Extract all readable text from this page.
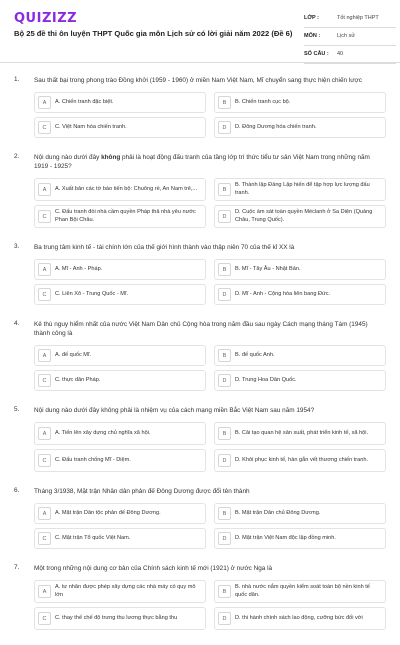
QUIZIZZ
Bộ 25 đề thi ôn luyện THPT Quốc gia môn Lịch sử có lời giải năm 2022 (Đề 6)
LỚP :	Tốt nghiệp THPT
MÔN :	Lịch sử
SỐ CÂU : 40
1. Sau thất bại trong phong trào Đồng khởi (1959 - 1960) ở miền Nam Việt Nam, Mĩ chuyển sang thực hiện chiến lược
A	A. Chiến tranh đặc biệt.	B	B. Chiến tranh cục bộ.
C	C. Việt Nam hóa chiến tranh.	D	D. Đông Dương hóa chiến tranh.
2. Nội dung nào dưới đây không phải là hoạt động đấu tranh của tầng lớp trí thức tiểu tư sản Việt Nam trong những năm 1919 - 1925?
A	A. Xuất bản các tờ báo tiến bộ: Chuông rè, An Nam trẻ,...	B
B. Thành lập Đảng Lập hiến để tập hợp lực lượng đấu tranh.
C
C. Đấu tranh đòi nhà cầm quyền Pháp thả nhà yêu nước Phan Bội Châu.	D
D. Cuộc ám sát toàn quyền Méclanh ở Sa Diện (Quảng Châu, Trung Quốc).
3. Ba trung tâm kinh tế - tài chính lớn của thế giới hình thành vào thập niên 70 của thế kỉ XX là
A	A. Mĩ - Anh - Pháp.	B	B. Mĩ - Tây Âu - Nhật Bản.
C	C. Liên Xô - Trung Quốc - Mĩ.	D	D. Mĩ - Anh - Cộng hòa liên bang Đức.
4. Kẻ thù nguy hiểm nhất của nước Việt Nam Dân chủ Cộng hòa trong năm đầu sau ngày Cách mạng tháng Tám (1945) thành công là
A	A. đế quốc Mĩ.	B	B. đế quốc Anh.
C	C. thực dân Pháp.	D	D. Trung Hoa Dân Quốc.
5. Nội dung nào dưới đây không phải là nhiệm vụ của cách mạng miền Bắc Việt Nam sau năm 1954?
A	A. Tiến lên xây dựng chủ nghĩa xã hội.	B	B. Cải tạo quan hệ sản xuất, phát triển kinh tế, xã hội.
C	C. Đấu tranh chống Mĩ - Diệm.	D	D. Khôi phục kinh tế, hàn gắn vết thương chiến tranh.
6. Tháng 3/1938, Mặt trận Nhân dân phản đế Đông Dương được đổi tên thành
A	A. Mặt trận Dân tộc phản đế Đông Dương.	B	B. Mặt trận Dân chủ Đông Dương.
C	C. Mặt trận Tổ quốc Việt Nam.	D	D. Mặt trận Việt Nam độc lập đồng minh.
7. Một trong những nội dung cơ bản của Chính sách kinh tế mới (1921) ở nước Nga là
A
A. tư nhân được phép xây dựng các nhà máy có quy mô lớn	B
B. nhà nước nắm quyền kiểm soát toàn bộ nền kinh tế quốc dân.
C	C. thay thế chế độ trưng thu lương thực bằng thu	D	D. thi hành chính sách lao động, cưỡng bức đối với
